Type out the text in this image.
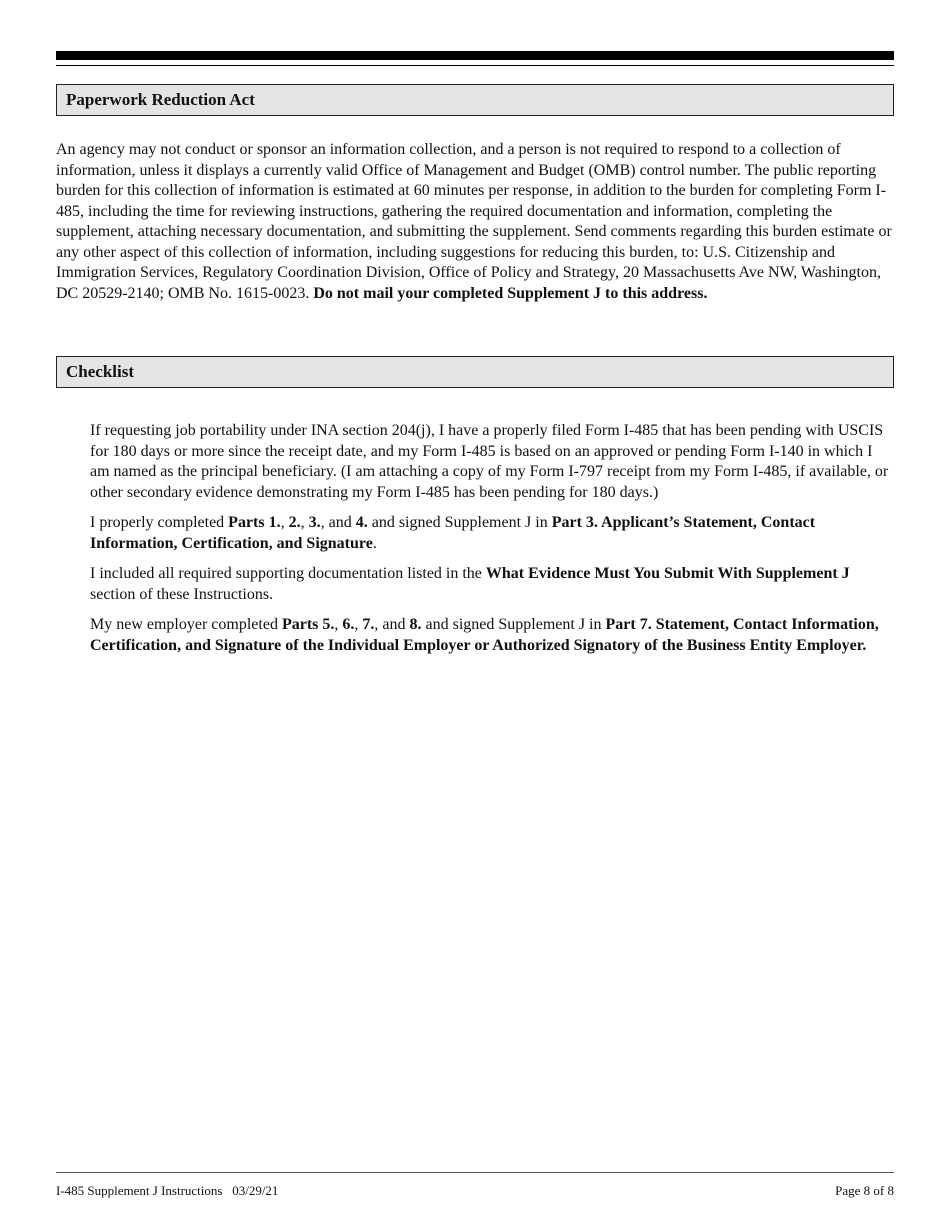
Paperwork Reduction Act

An agency may not conduct or sponsor an information collection, and a person is not required to respond to a collection of information, unless it displays a currently valid Office of Management and Budget (OMB) control number. The public reporting burden for this collection of information is estimated at 60 minutes per response, in addition to the burden for completing Form I-485, including the time for reviewing instructions, gathering the required documentation and information, completing the supplement, attaching necessary documentation, and submitting the supplement. Send comments regarding this burden estimate or any other aspect of this collection of information, including suggestions for reducing this burden, to: U.S. Citizenship and Immigration Services, Regulatory Coordination Division, Office of Policy and Strategy, 20 Massachusetts Ave NW, Washington, DC 20529-2140; OMB No. 1615-0023. Do not mail your completed Supplement J to this address.

Checklist
If requesting job portability under INA section 204(j), I have a properly filed Form I-485 that has been pending with USCIS for 180 days or more since the receipt date, and my Form I-485 is based on an approved or pending Form I-140 in which I am named as the principal beneficiary. (I am attaching a copy of my Form I-797 receipt from my Form I-485, if available, or other secondary evidence demonstrating my Form I-485 has been pending for 180 days.)
I properly completed Parts 1., 2., 3., and 4. and signed Supplement J in Part 3. Applicant’s Statement, Contact Information, Certification, and Signature.
I included all required supporting documentation listed in the What Evidence Must You Submit With Supplement J section of these Instructions.
My new employer completed Parts 5., 6., 7., and 8. and signed Supplement J in Part 7. Statement, Contact Information, Certification, and Signature of the Individual Employer or Authorized Signatory of the Business Entity Employer.
I-485 Supplement J Instructions   03/29/21	Page 8 of 8
